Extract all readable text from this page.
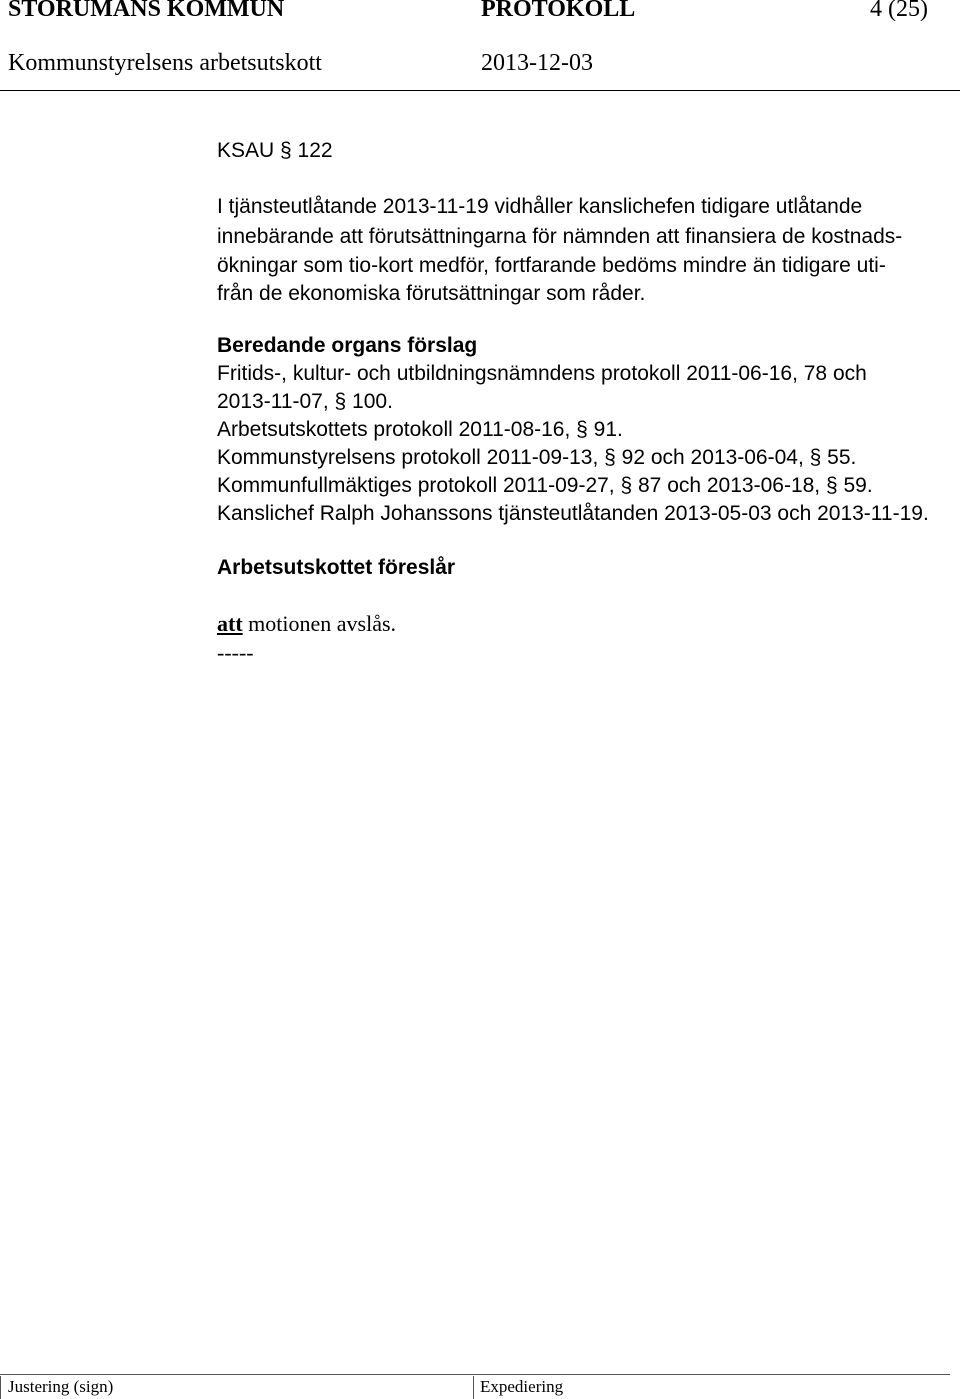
STORUMANS KOMMUN	PROTOKOLL	4 (25)
Kommunstyrelsens arbetsutskott	2013-12-03
KSAU § 122
I tjänsteutlåtande 2013-11-19 vidhåller kanslichefen tidigare utlåtande
innebärande att förutsättningarna för nämnden att finansiera de kostnads-
ökningar som tio-kort medför, fortfarande bedöms mindre än tidigare uti-
från de ekonomiska förutsättningar som råder.
Beredande organs förslag
Fritids-, kultur- och utbildningsnämndens protokoll 2011-06-16, 78 och
2013-11-07, § 100.
Arbetsutskottets protokoll 2011-08-16, § 91.
Kommunstyrelsens protokoll 2011-09-13, § 92 och 2013-06-04, § 55.
Kommunfullmäktiges protokoll 2011-09-27, § 87 och 2013-06-18, § 59.
Kanslichef Ralph Johanssons tjänsteutlåtanden 2013-05-03 och 2013-11-19.
Arbetsutskottet föreslår
att motionen avslås.
-----
Justering (sign)	Expediering
